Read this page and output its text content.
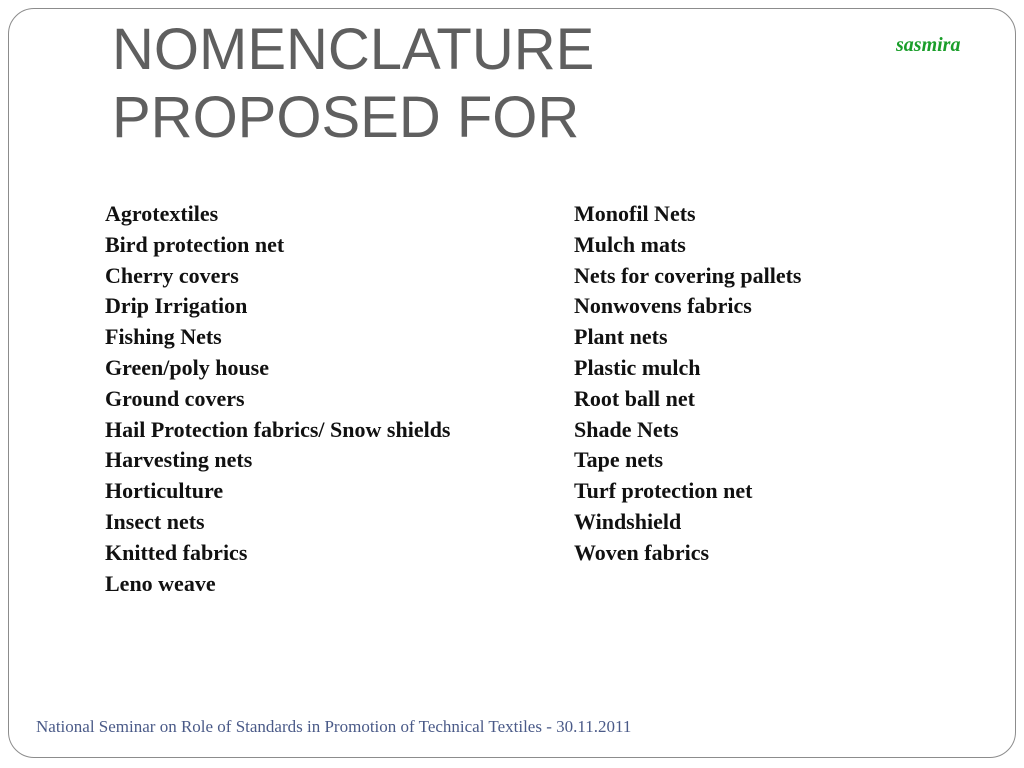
NOMENCLATURE PROPOSED FOR
sasmira
Agrotextiles
Bird protection net
Cherry covers
Drip Irrigation
Fishing Nets
Green/poly house
Ground covers
Hail Protection fabrics/ Snow shields
Harvesting nets
Horticulture
Insect nets
Knitted fabrics
Leno weave
Monofil Nets
Mulch mats
Nets for covering pallets
Nonwovens fabrics
Plant nets
Plastic mulch
Root ball net
Shade Nets
Tape nets
Turf protection net
Windshield
Woven fabrics
National Seminar on Role of Standards in Promotion of Technical Textiles - 30.11.2011
